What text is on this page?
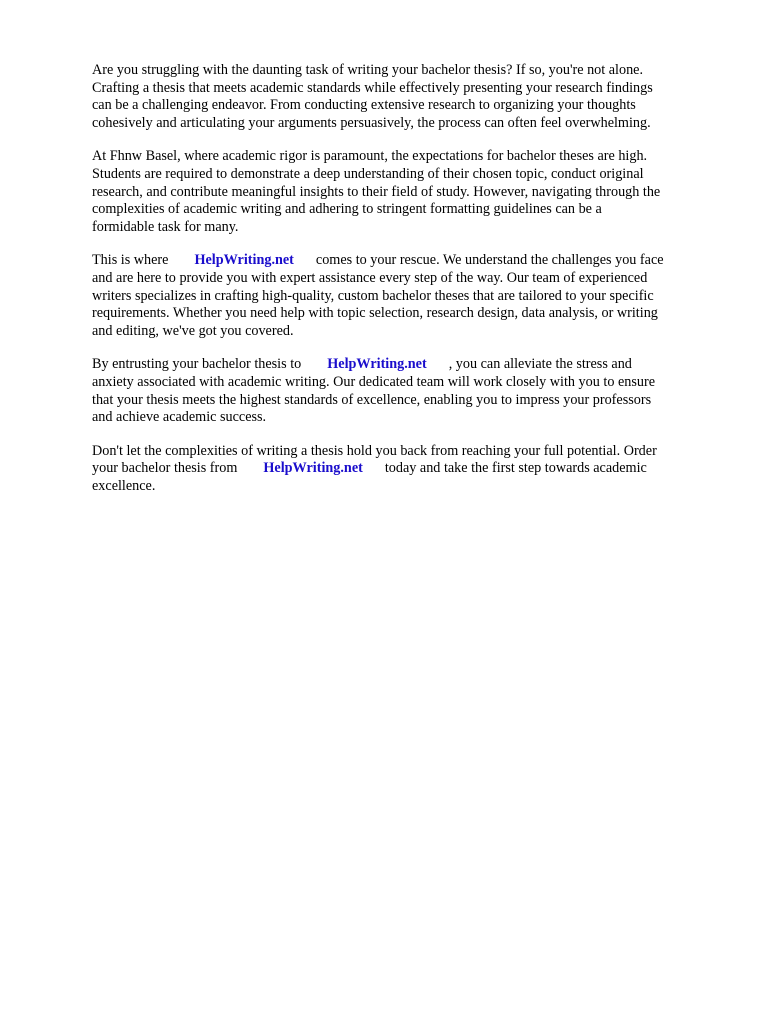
Are you struggling with the daunting task of writing your bachelor thesis? If so, you're not alone.
Crafting a thesis that meets academic standards while effectively presenting your research findings
can be a challenging endeavor. From conducting extensive research to organizing your thoughts
cohesively and articulating your arguments persuasively, the process can often feel overwhelming.

At Fhnw Basel, where academic rigor is paramount, the expectations for bachelor theses are high.
Students are required to demonstrate a deep understanding of their chosen topic, conduct original
research, and contribute meaningful insights to their field of study. However, navigating through the
complexities of academic writing and adhering to stringent formatting guidelines can be a
formidable task for many.

This is where HelpWriting.net comes to your rescue. We understand the challenges you face
and are here to provide you with expert assistance every step of the way. Our team of experienced
writers specializes in crafting high-quality, custom bachelor theses that are tailored to your specific
requirements. Whether you need help with topic selection, research design, data analysis, or writing
and editing, we've got you covered.

By entrusting your bachelor thesis to HelpWriting.net , you can alleviate the stress and
anxiety associated with academic writing. Our dedicated team will work closely with you to ensure
that your thesis meets the highest standards of excellence, enabling you to impress your professors
and achieve academic success.

Don't let the complexities of writing a thesis hold you back from reaching your full potential. Order
your bachelor thesis from HelpWriting.net today and take the first step towards academic
excellence.
